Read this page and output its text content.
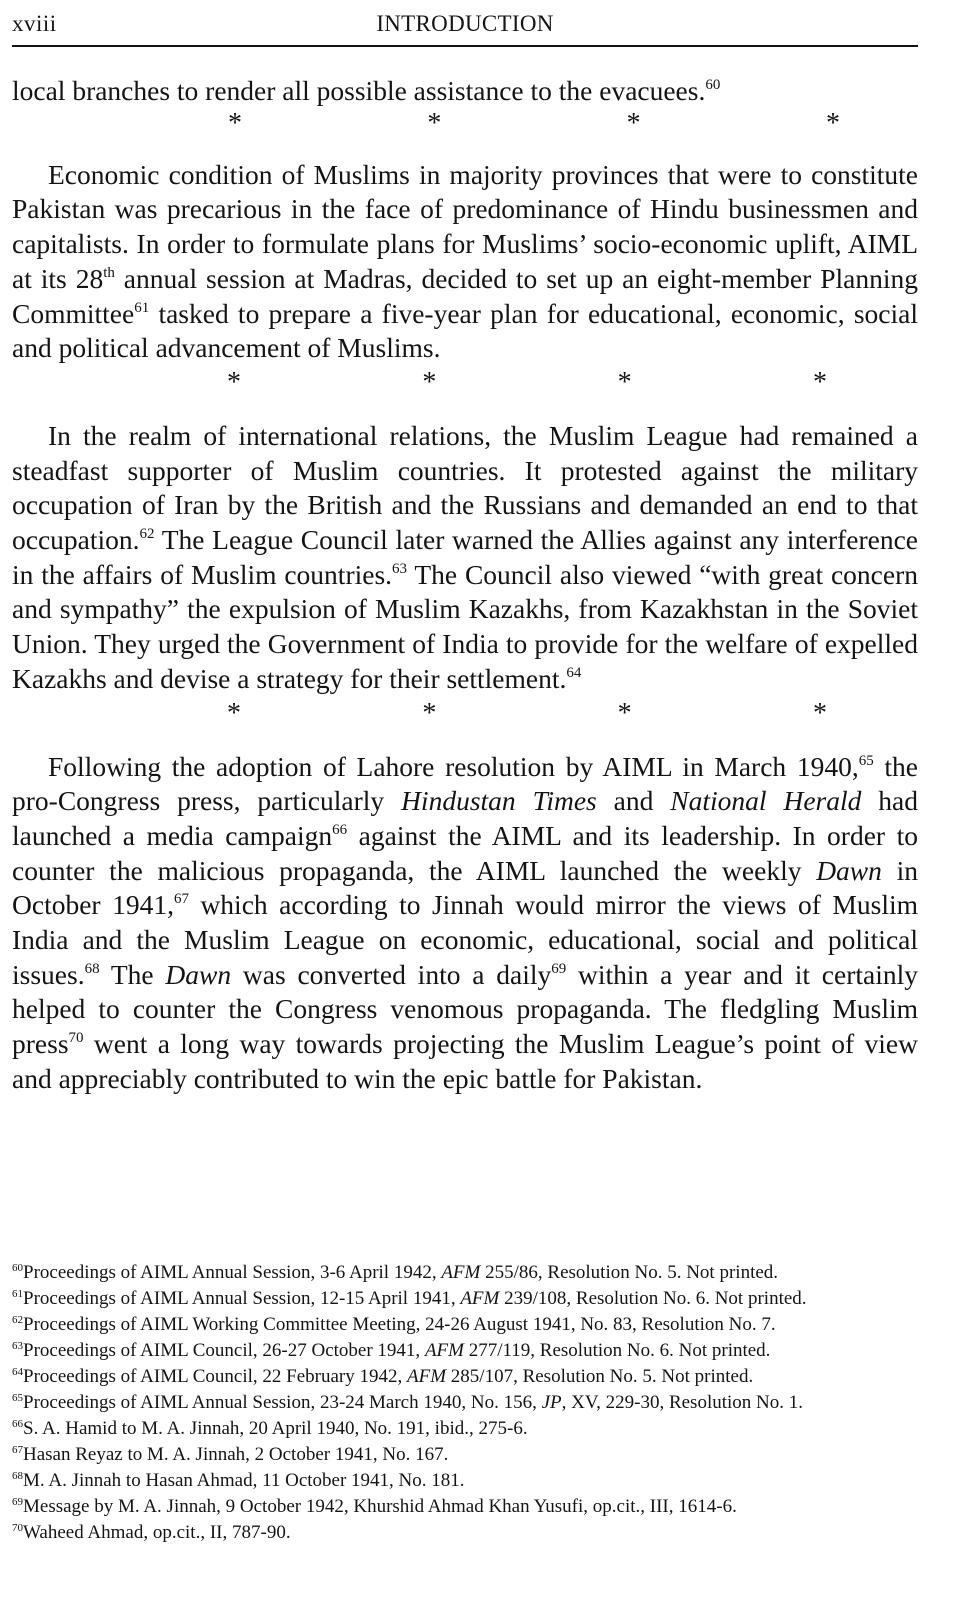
xviii	INTRODUCTION

local branches to render all possible assistance to the evacuees.$^{60}$

*	*	*	*

Economic condition of Muslims in majority provinces that were to constitute Pakistan was precarious in the face of predominance of Hindu businessmen and capitalists. In order to formulate plans for Muslims’ socio-economic uplift, AIML at its 28th annual session at Madras, decided to set up an eight-member Planning Committee$^{61}$ tasked to prepare a five-year plan for educational, economic, social and political advancement of Muslims.

*	*	*	*

In the realm of international relations, the Muslim League had remained a steadfast supporter of Muslim countries. It protested against the military occupation of Iran by the British and the Russians and demanded an end to that occupation.$^{62}$ The League Council later warned the Allies against any interference in the affairs of Muslim countries.$^{63}$ The Council also viewed “with great concern and sympathy” the expulsion of Muslim Kazakhs, from Kazakhstan in the Soviet Union. They urged the Government of India to provide for the welfare of expelled Kazakhs and devise a strategy for their settlement.$^{64}$

*	*	*	*

Following the adoption of Lahore resolution by AIML in March 1940,65 the pro-Congress press, particularly Hindustan Times and National Herald had launched a media campaign$^{66}$ against the AIML and its leadership. In order to counter the malicious propaganda, the AIML launched the weekly Dawn in October 1941,67 which according to Jinnah would mirror the views of Muslim India and the Muslim League on economic, educational, social and political issues.$^{68}$ The Dawn was converted into a daily$^{69}$ within a year and it certainly helped to counter the Congress venomous propaganda. The fledgling Muslim press$^{70}$ went a long way towards projecting the Muslim League’s point of view and appreciably contributed to win the epic battle for Pakistan.

$^{60}$Proceedings of AIML Annual Session, 3-6 April 1942, AFM 255/86, Resolution No. 5. Not printed.
$^{61}$Proceedings of AIML Annual Session, 12-15 April 1941, AFM 239/108, Resolution No. 6. Not printed.
$^{62}$Proceedings of AIML Working Committee Meeting, 24-26 August 1941, No. 83, Resolution No. 7.
$^{63}$Proceedings of AIML Council, 26-27 October 1941, AFM 277/119, Resolution No. 6. Not printed.
$^{64}$Proceedings of AIML Council, 22 February 1942, AFM 285/107, Resolution No. 5. Not printed.
$^{65}$Proceedings of AIML Annual Session, 23-24 March 1940, No. 156, JP, XV, 229-30, Resolution No. 1.
$^{66}$S. A. Hamid to M. A. Jinnah, 20 April 1940, No. 191, ibid., 275-6.
$^{67}$Hasan Reyaz to M. A. Jinnah, 2 October 1941, No. 167.
$^{68}$M. A. Jinnah to Hasan Ahmad, 11 October 1941, No. 181.
$^{69}$Message by M. A. Jinnah, 9 October 1942, Khurshid Ahmad Khan Yusufi, op.cit., III, 1614-6.
$^{70}$Waheed Ahmad, op.cit., II, 787-90.
